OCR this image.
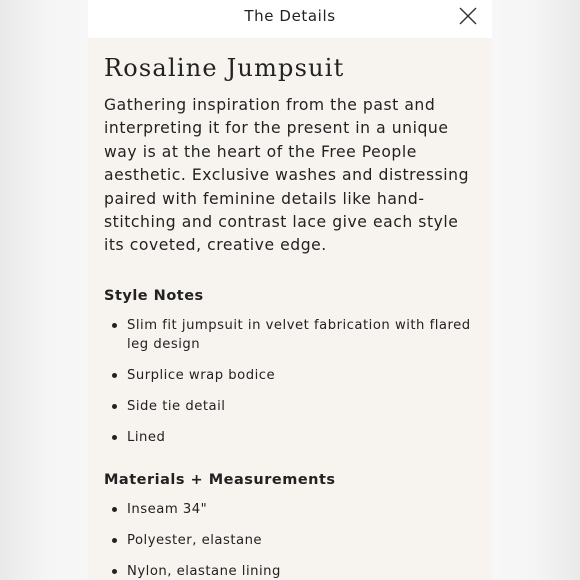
The Details
Rosaline Jumpsuit

Gathering inspiration from the past and interpreting it for the present in a unique way is at the heart of the Free People aesthetic. Exclusive washes and distressing paired with feminine details like hand-stitching and contrast lace give each style its coveted, creative edge.

Style Notes
Slim fit jumpsuit in velvet fabrication with flared leg design
Surplice wrap bodice
Side tie detail
Lined
Materials + Measurements
Inseam 34"
Polyester, elastane
Nylon, elastane lining
